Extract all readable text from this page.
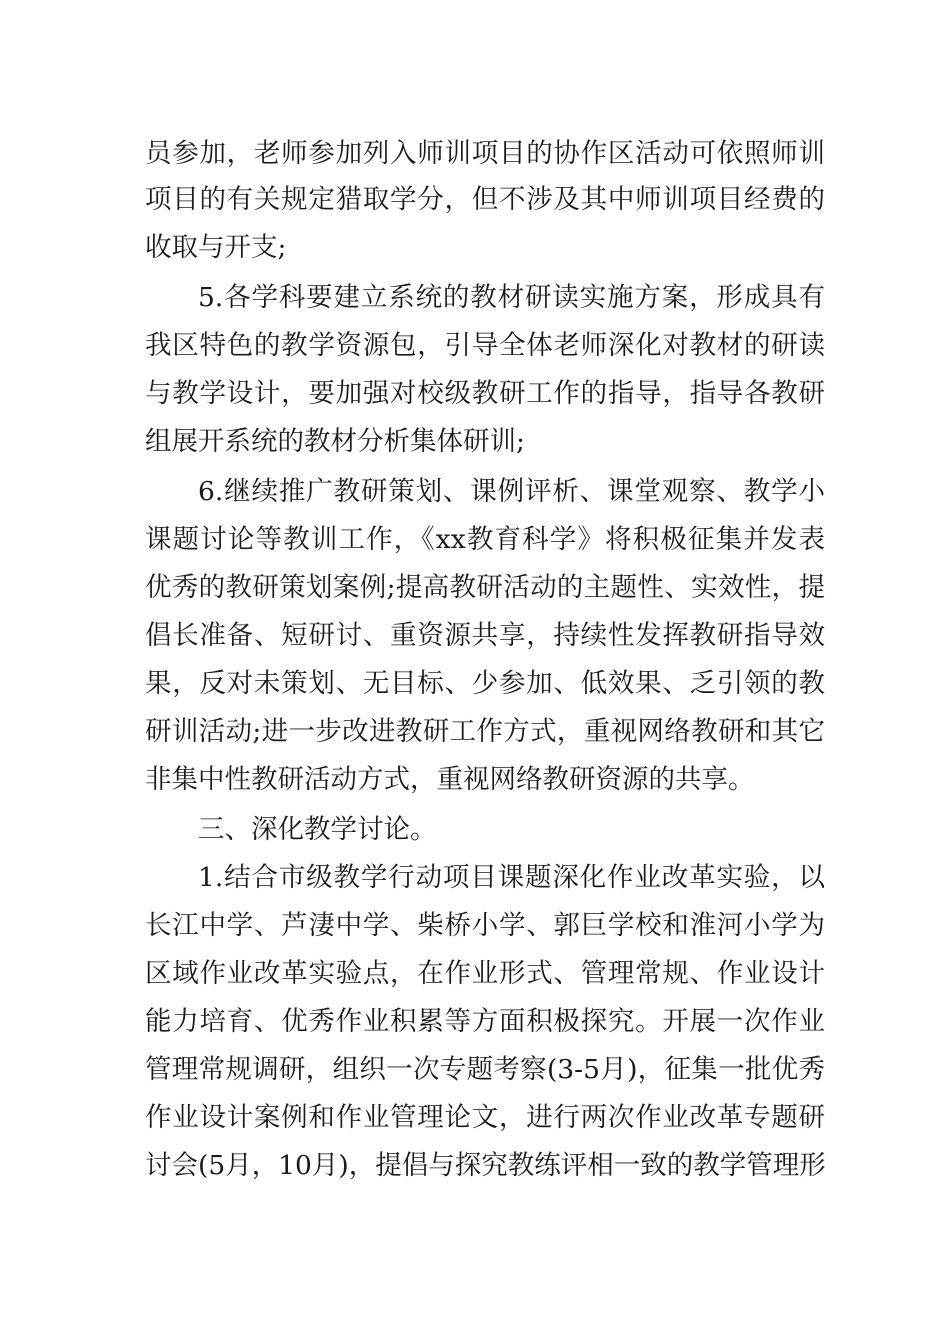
员参加，老师参加列入师训项目的协作区活动可依照师训
项目的有关规定猎取学分，但不涉及其中师训项目经费的
收取与开支;
5.各学科要建立系统的教材研读实施方案，形成具有
我区特色的教学资源包，引导全体老师深化对教材的研读
与教学设计，要加强对校级教研工作的指导，指导各教研
组展开系统的教材分析集体研训;
6.继续推广教研策划、课例评析、课堂观察、教学小
课题讨论等教训工作，《xx教育科学》将积极征集并发表
优秀的教研策划案例;提高教研活动的主题性、实效性，提
倡长准备、短研讨、重资源共享，持续性发挥教研指导效
果，反对未策划、无目标、少参加、低效果、乏引领的教
研训活动;进一步改进教研工作方式，重视网络教研和其它
非集中性教研活动方式，重视网络教研资源的共享。
三、深化教学讨论。
1.结合市级教学行动项目课题深化作业改革实验，以
长江中学、芦淒中学、柴桥小学、郭巨学校和淮河小学为
区域作业改革实验点，在作业形式、管理常规、作业设计
能力培育、优秀作业积累等方面积极探究。开展一次作业
管理常规调研，组织一次专题考察(3-5月)，征集一批优秀
作业设计案例和作业管理论文，进行两次作业改革专题研
讨会(5月，10月)，提倡与探究教练评相一致的教学管理形
